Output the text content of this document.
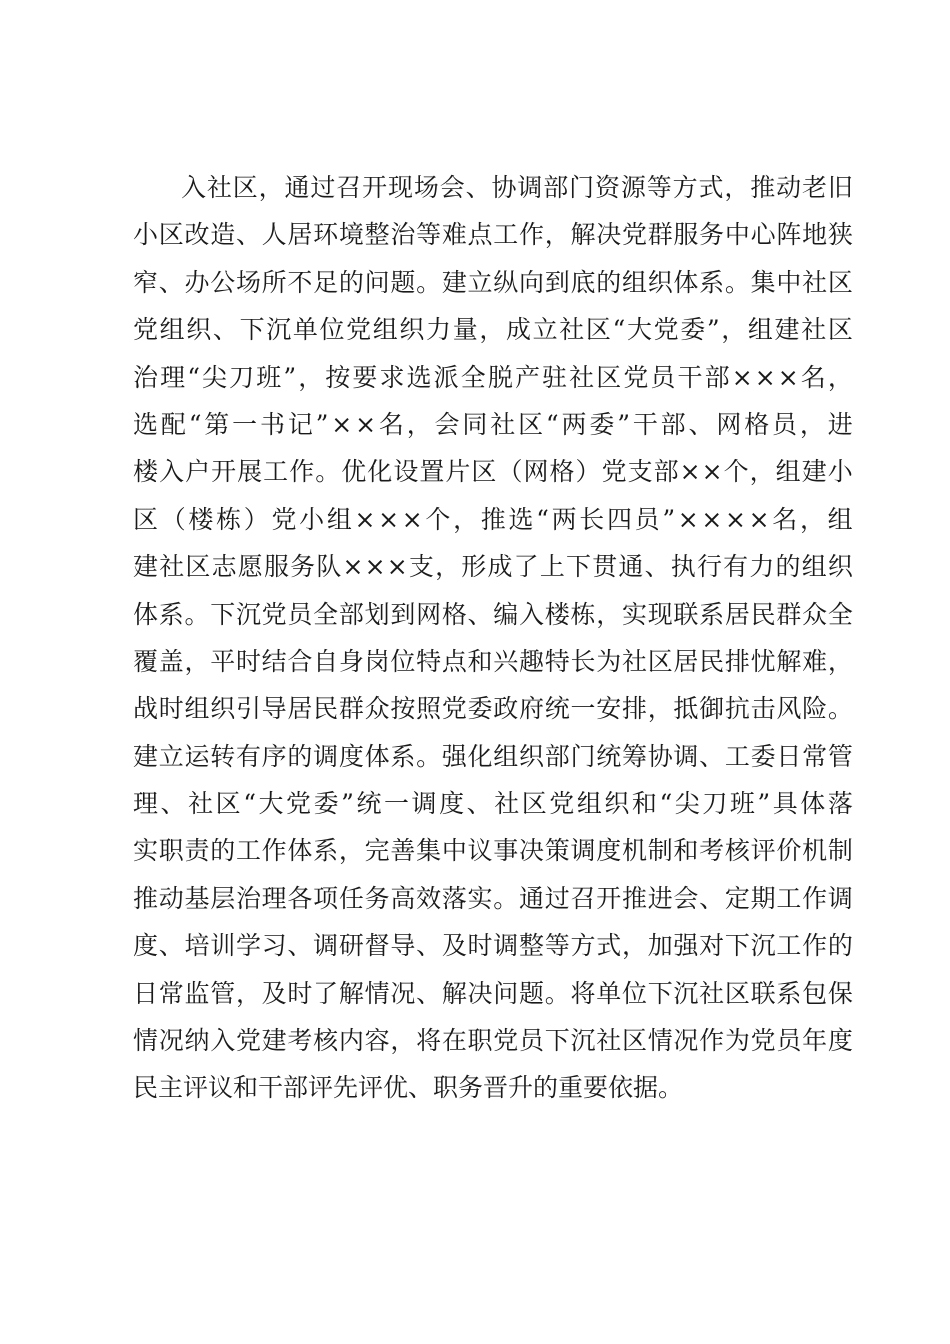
入 社 区 ， 通 过 召 开 现 场 会 、 协 调 部 门 资 源 等 方 式 ， 推 动 老 旧
小 区 改 造 、 人 居 环 境 整 治 等 难 点 工 作 ， 解 决 党 群 服 务 中 心 阵 地 狭
窄 、 办 公 场 所 不 足 的 问 题 。 建 立 纵 向 到 底 的 组 织 体 系 。 集 中 社 区
党 组 织 、 下 沉 单 位 党 组 织 力 量 ， 成 立 社 区 “ 大 党 委 ” ， 组 建 社 区
治 理 “ 尖 刀 班 ” ， 按 要 求 选 派 全 脱 产 驻 社 区 党 员 干 部 × × × 名 ，
选 配 “ 第 一 书 记 ” × × 名 ， 会 同 社 区 “ 两 委 ” 干 部 、 网 格 员 ， 进
楼 入 户 开 展 工 作 。 优 化 设 置 片 区 （ 网 格 ） 党 支 部 × × 个 ， 组 建 小
区 （ 楼 栋 ） 党 小 组 × × × 个 ， 推 选 “ 两 长 四 员 ” × × × × 名 ， 组
建 社 区 志 愿 服 务 队 × × × 支 ， 形 成 了 上 下 贯 通 、 执 行 有 力 的 组 织
体 系 。 下 沉 党 员 全 部 划 到 网 格 、 编 入 楼 栋 ， 实 现 联 系 居 民 群 众 全
覆 盖 ， 平 时 结 合 自 身 岗 位 特 点 和 兴 趣 特 长 为 社 区 居 民 排 忧 解 难 ，
战 时 组 织 引 导 居 民 群 众 按 照 党 委 政 府 统 一 安 排 ， 抵 御 抗 击 风 险 。
建 立 运 转 有 序 的 调 度 体 系 。 强 化 组 织 部 门 统 筹 协 调 、 工 委 日 常 管
理 、 社 区 “ 大 党 委 ” 统 一 调 度 、 社 区 党 组 织 和 “ 尖 刀 班 ” 具 体 落
实 职 责 的 工 作 体 系 ， 完 善 集 中 议 事 决 策 调 度 机 制 和 考 核 评 价 机 制
推 动 基 层 治 理 各 项 任 务 高 效 落 实 。 通 过 召 开 推 进 会 、 定 期 工 作 调
度 、 培 训 学 习 、 调 研 督 导 、 及 时 调 整 等 方 式 ， 加 强 对 下 沉 工 作 的
日 常 监 管 ， 及 时 了 解 情 况 、 解 决 问 题 。 将 单 位 下 沉 社 区 联 系 包 保
情 况 纳 入 党 建 考 核 内 容 ， 将 在 职 党 员 下 沉 社 区 情 况 作 为 党 员 年 度
民主评议和干部评先评优、职务晋升的重要依据。
